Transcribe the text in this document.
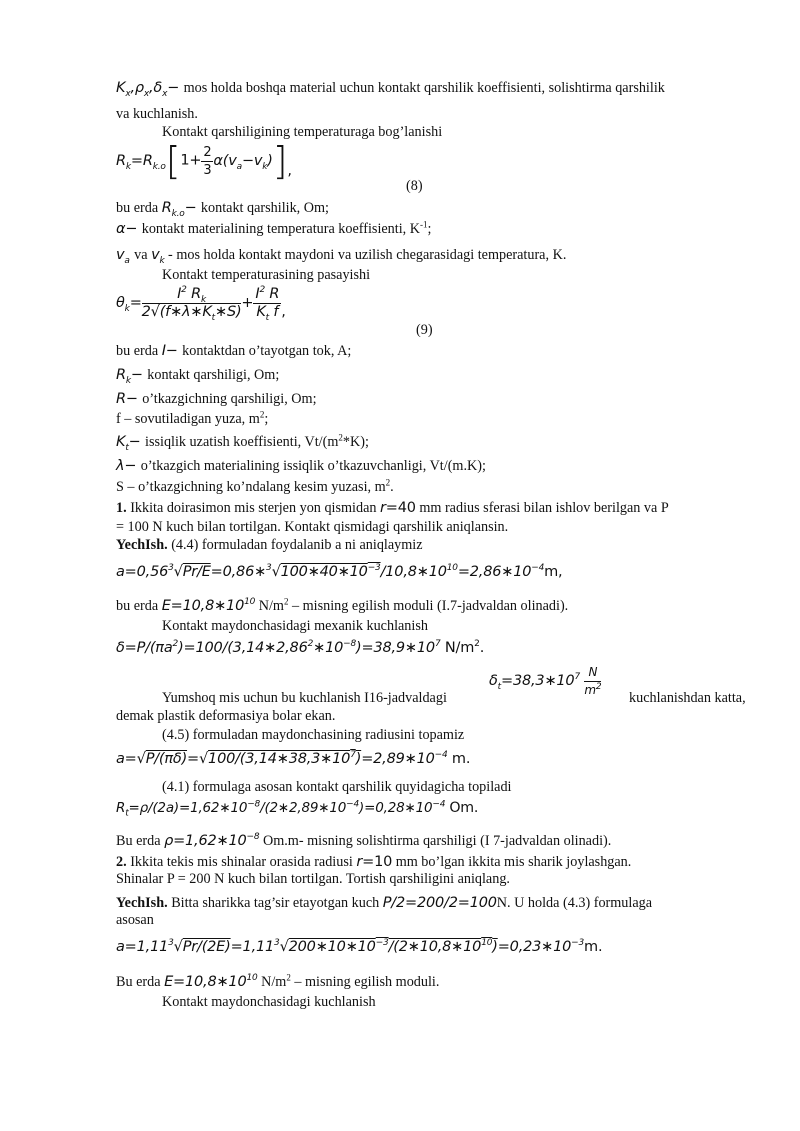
$K_x,\rho_x,\delta_x-$ mos holda boshqa material uchun kontakt qarshilik koeffisienti, solishtirma qarshilik
va kuchlanish.
Kontakt qarshiligining temperaturaga bog’lanishi
$R_k=R_{k.o}[1+ \frac{2}{3} \alpha(v_a-v_k)]$,
(8)
bu erda $R_{k.o}-$ kontakt qarshilik, Om;
α− kontakt materialining temperatura koeffisienti, $K^{-1}$;
$v_a$ va $v_k$ - mos holda kontakt maydoni va uzilish chegarasidagi temperatura, K.
Kontakt temperaturasining pasayishi
$\theta_k= \frac{I^2 R_k}{2√(f∗\lambda∗K_t∗S)} + \frac{I^2 R}{K_t f}$ ,
(9)
bu erda I− kontaktdan o’tayotgan tok, A;
$R_k-$ kontakt qarshiligi, Om;
R− o’tkazgichning qarshiligi, Om;
f – sovutiladigan yuza, $m^2$;
$K_t-$ issiqlik uzatish koeffisienti, $Vt/(m^2*K)$;
λ− o’tkazgich materialining issiqlik o’tkazuvchanligi, Vt/(m.K);
S – o’tkazgichning ko’ndalang kesim yuzasi, $m^2$.
1. Ikkita doirasimon mis sterjen yon qismidan r=40 mm radius sferasi bilan ishlov berilgan va P
= 100 N kuch bilan tortilgan. Kontakt qismidagi qarshilik aniqlansin.
YechIsh. (4.4) formuladan foydalanib a ni aniqlaymiz
$a=0,56^3√Pr/E=0,86∗^3√100∗40∗10^{-3}/10,8∗10^{10}=2,86∗10^{-4}m$,
bu erda $E=10,8∗10^{10}$ $N/m^2$ – misning egilish moduli (I.7-jadvaldan olinadi).
Kontakt maydonchasidagi mexanik kuchlanish
$\delta=P/(\pi a^2)=100/(3,14∗2,86^2∗10^{-8})=38,9∗10^7$ $N/m^2$.
$\delta_t=38,3∗10^7 \frac{N}{m^2}$
Yumshoq mis uchun bu kuchlanish I16-jadvaldagi	kuchlanishdan katta,
demak plastik deformasiya bolar ekan.
(4.5) formuladan maydonchasining radiusini topamiz
$a=√P/(\pi\delta)=√100/(3,14∗38,3∗10^7)=2,89∗10^{-4}$ m.
(4.1) formulaga asosan kontakt qarshilik quyidagicha topiladi
$R_t=\rho/(2a)=1,62∗10^{-8}/(2∗2,89∗10^{-4})=0,28∗10^{-4}$ Om.
Bu erda $\rho=1,62∗10^{-8}$ Om.m- misning solishtirma qarshiligi (I 7-jadvaldan olinadi).
2. Ikkita tekis mis shinalar orasida radiusi r=10 mm bo’lgan ikkita mis sharik joylashgan.
Shinalar P = 200 N kuch bilan tortilgan. Tortish qarshiligini aniqlang.
YechIsh. Bitta sharikka tag’sir etayotgan kuch P/2=200/2=100N. U holda (4.3) formulaga
asosan
$a=1,11^3√Pr/(2E)=1,11^3√200∗10∗10^{-3}/(2∗10,8∗10^{10})=0,23∗10^{-3}m$.
Bu erda $E=10,8∗10^{10}$ $N/m^2$ – misning egilish moduli.
Kontakt maydonchasidagi kuchlanish
